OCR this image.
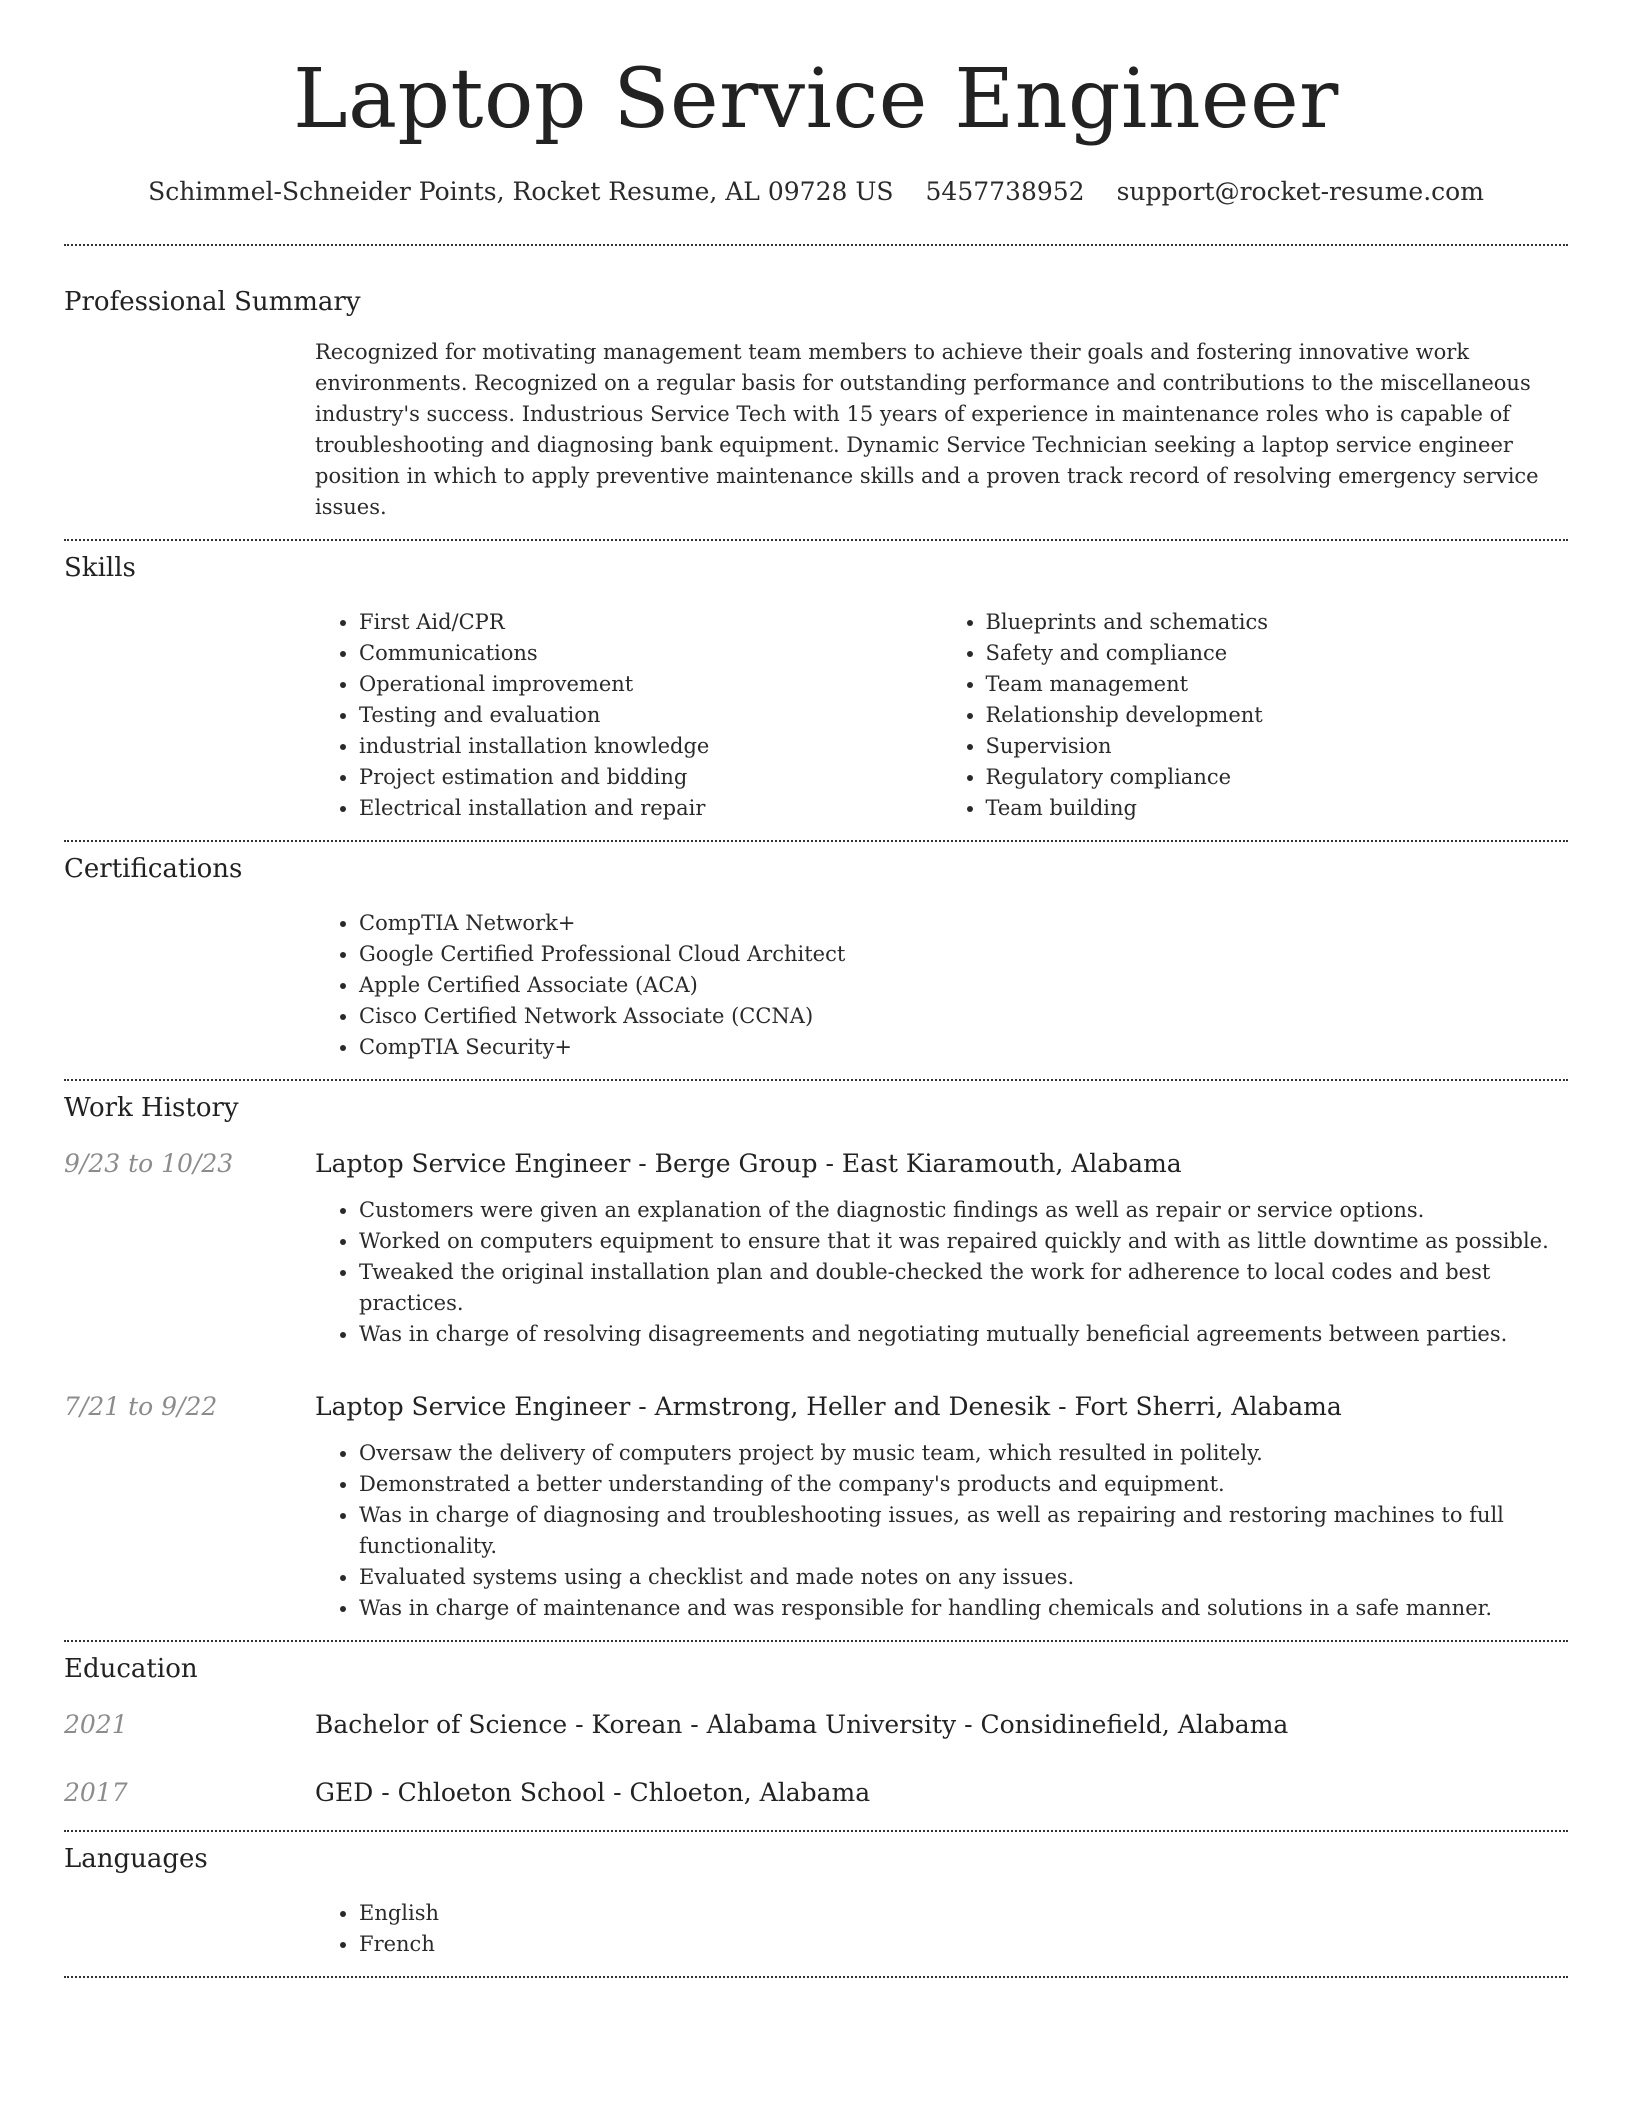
Laptop Service Engineer
Schimmel-Schneider Points, Rocket Resume, AL 09728 US 5457738952 support@rocket-resume.com
Professional Summary
Recognized for motivating management team members to achieve their goals and fostering innovative work environments. Recognized on a regular basis for outstanding performance and contributions to the miscellaneous industry's success. Industrious Service Tech with 15 years of experience in maintenance roles who is capable of troubleshooting and diagnosing bank equipment. Dynamic Service Technician seeking a laptop service engineer position in which to apply preventive maintenance skills and a proven track record of resolving emergency service issues.
Skills
• First Aid/CPR
• Communications
• Operational improvement
• Testing and evaluation
• industrial installation knowledge
• Project estimation and bidding
• Electrical installation and repair
• Blueprints and schematics
• Safety and compliance
• Team management
• Relationship development
• Supervision
• Regulatory compliance
• Team building
Certifications
• CompTIA Network+
• Google Certified Professional Cloud Architect
• Apple Certified Associate (ACA)
• Cisco Certified Network Associate (CCNA)
• CompTIA Security+
Work History
9/23 to 10/23	Laptop Service Engineer - Berge Group - East Kiaramouth, Alabama
• Customers were given an explanation of the diagnostic findings as well as repair or service options.
• Worked on computers equipment to ensure that it was repaired quickly and with as little downtime as possible.
• Tweaked the original installation plan and double-checked the work for adherence to local codes and best practices.
• Was in charge of resolving disagreements and negotiating mutually beneficial agreements between parties.
7/21 to 9/22	Laptop Service Engineer - Armstrong, Heller and Denesik - Fort Sherri, Alabama
• Oversaw the delivery of computers project by music team, which resulted in politely.
• Demonstrated a better understanding of the company's products and equipment.
• Was in charge of diagnosing and troubleshooting issues, as well as repairing and restoring machines to full functionality.
• Evaluated systems using a checklist and made notes on any issues.
• Was in charge of maintenance and was responsible for handling chemicals and solutions in a safe manner.
Education
2021	Bachelor of Science - Korean - Alabama University - Considinefield, Alabama
2017	GED - Chloeton School - Chloeton, Alabama
Languages
• English
• French
